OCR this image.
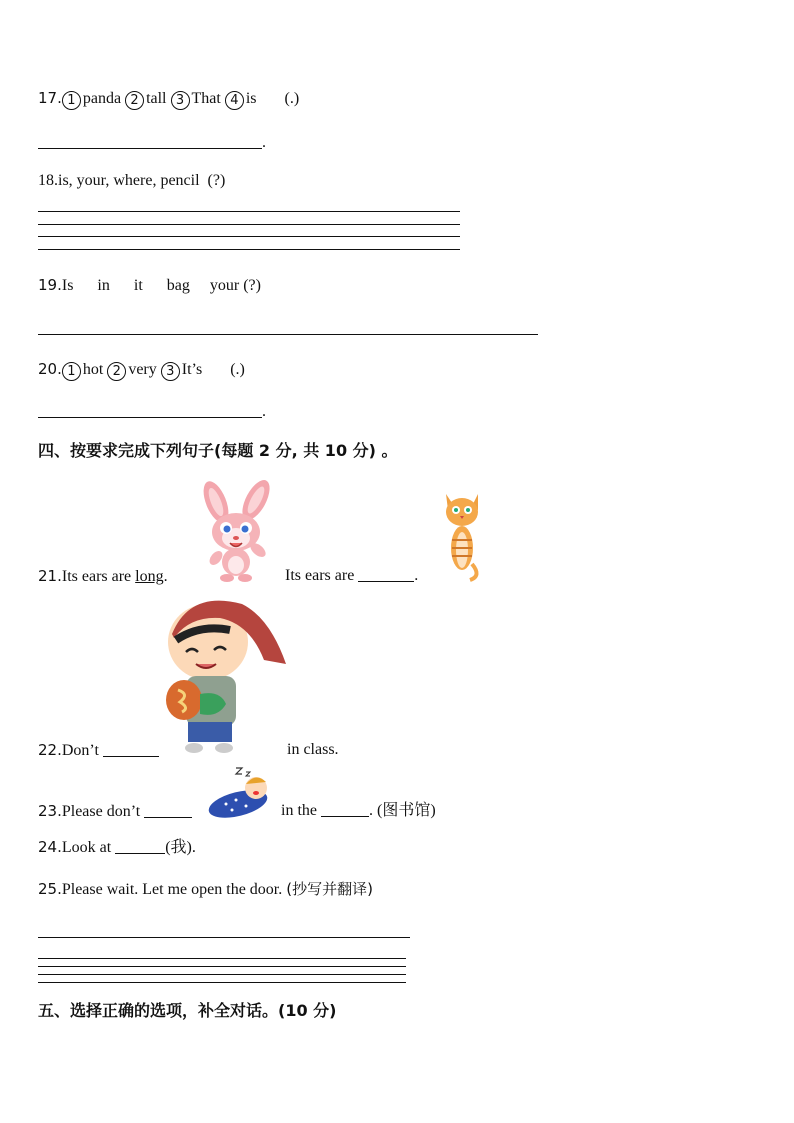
17. 1 panda 2 tall 3 That 4 is (.)
.
18.is, your, where, pencil (?)
19.Is in it bag your (?)
20. 1 hot 2 very 3 It’s (.)
.
四、按要求完成下列句子(每题 2 分, 共 10 分) 。
21.Its ears are long.	Its ears are	.
22.Don’t	in class.
23.Please don’t	in the	. (图书馆)
24.Look at	(我).
25.Please wait. Let me open the door. (抄写并翻译)
五、选择正确的选项，补全对话。(10 分)
